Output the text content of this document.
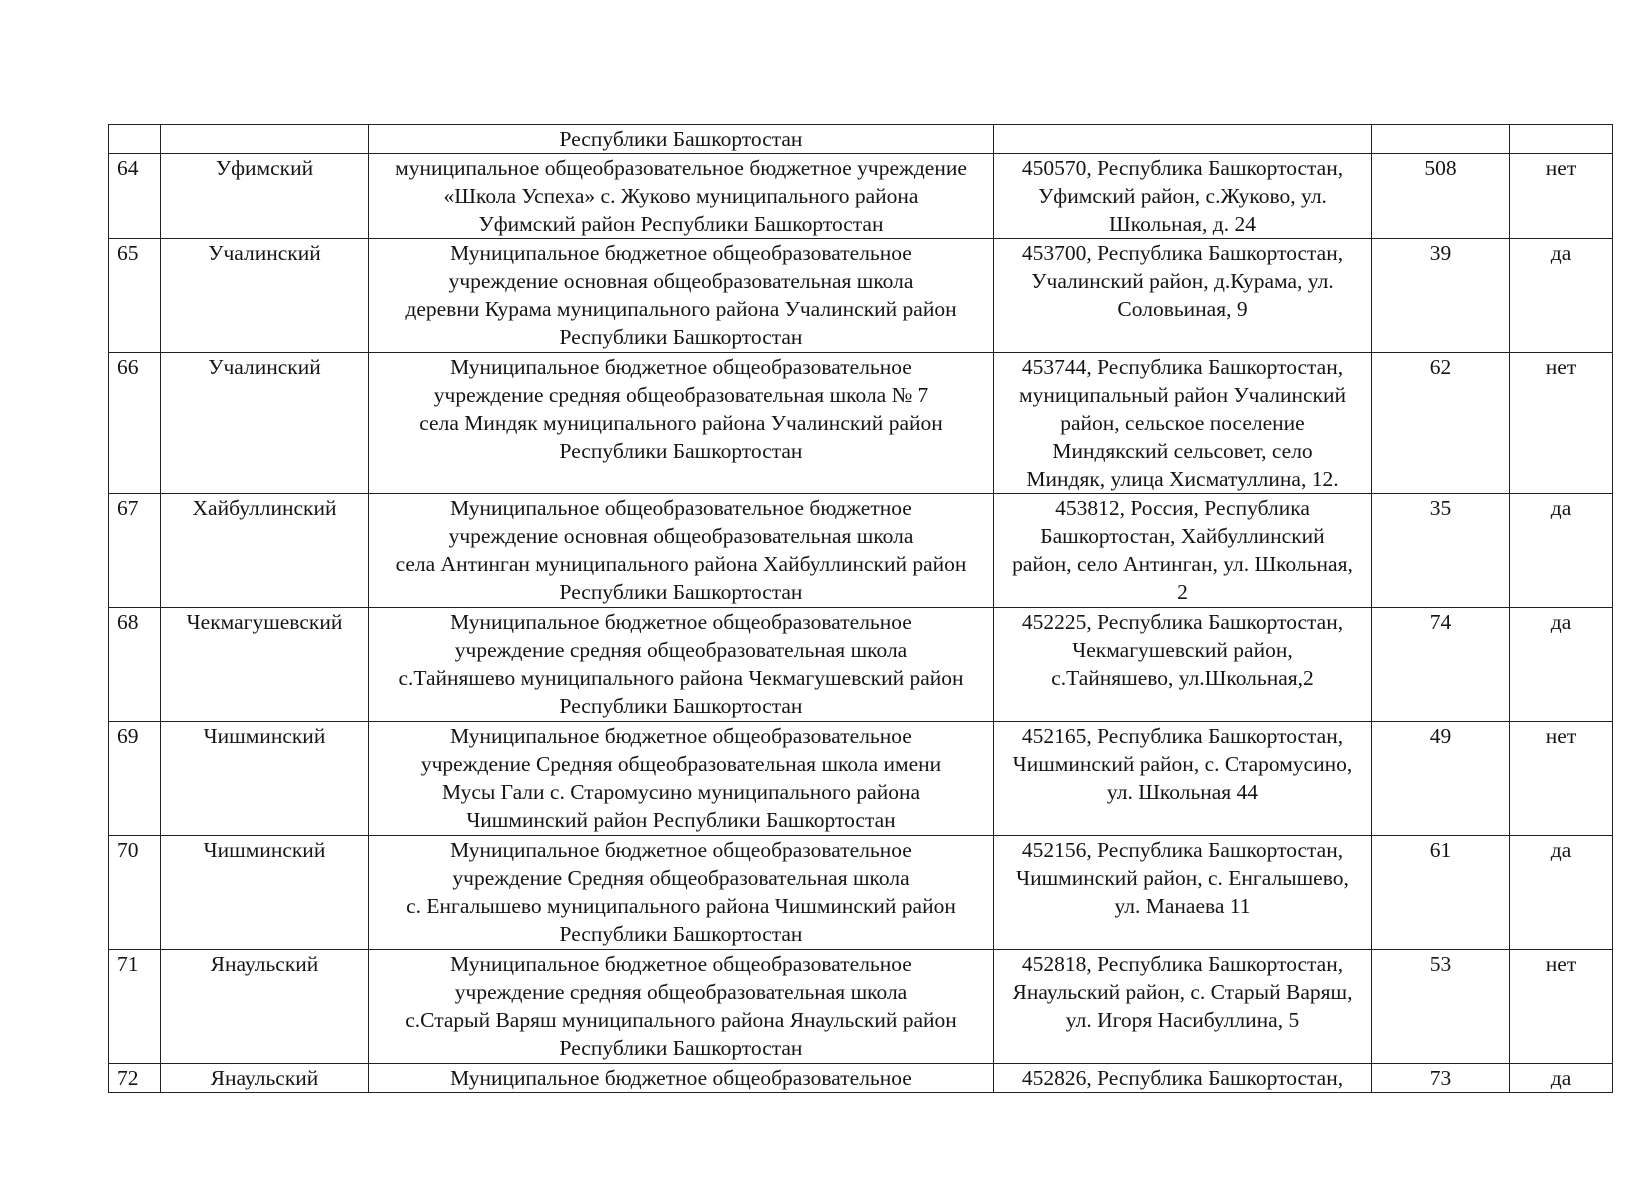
		Республики Башкортостан			
64	Уфимский	муниципальное общеобразовательное бюджетное учреждение
«Школа Успеха» с. Жуково муниципального района
Уфимский район Республики Башкортостан	450570, Республика Башкортостан,
Уфимский район, с.Жуково, ул.
Школьная, д. 24	508	нет
65	Учалинский	Муниципальное бюджетное общеобразовательное
учреждение основная общеобразовательная школа
деревни Курама муниципального района Учалинский район
Республики Башкортостан	453700, Республика Башкортостан,
Учалинский район, д.Курама, ул.
Соловьиная, 9	39	да
66	Учалинский	Муниципальное бюджетное общеобразовательное
учреждение средняя общеобразовательная школа № 7
села Миндяк муниципального района Учалинский район
Республики Башкортостан	453744, Республика Башкортостан,
муниципальный район Учалинский
район, сельское поселение
Миндякский сельсовет, село
Миндяк, улица Хисматуллина, 12.	62	нет
67	Хайбуллинский	Муниципальное общеобразовательное бюджетное
учреждение основная общеобразовательная школа
села Антинган муниципального района Хайбуллинский район
Республики Башкортостан	453812, Россия, Республика
Башкортостан, Хайбуллинский
район, село Антинган, ул. Школьная,
2	35	да
68	Чекмагушевский	Муниципальное бюджетное общеобразовательное
учреждение средняя общеобразовательная школа
с.Тайняшево муниципального района Чекмагушевский район
Республики Башкортостан	452225, Республика Башкортостан,
Чекмагушевский район,
с.Тайняшево, ул.Школьная,2	74	да
69	Чишминский	Муниципальное бюджетное общеобразовательное
учреждение Средняя общеобразовательная школа имени
Мусы Гали с. Старомусино муниципального района
Чишминский район Республики Башкортостан	452165, Республика Башкортостан,
Чишминский район, с. Старомусино,
ул. Школьная 44	49	нет
70	Чишминский	Муниципальное бюджетное общеобразовательное
учреждение Средняя общеобразовательная школа
с. Енгалышево муниципального района Чишминский район
Республики Башкортостан	452156, Республика Башкортостан,
Чишминский район, с. Енгалышево,
ул. Манаева 11	61	да
71	Янаульский	Муниципальное бюджетное общеобразовательное
учреждение средняя общеобразовательная школа
с.Старый Варяш муниципального района Янаульский район
Республики Башкортостан	452818, Республика Башкортостан,
Янаульский район, с. Старый Варяш,
ул. Игоря Насибуллина, 5	53	нет
72	Янаульский	Муниципальное бюджетное общеобразовательное	452826, Республика Башкортостан,	73	да
